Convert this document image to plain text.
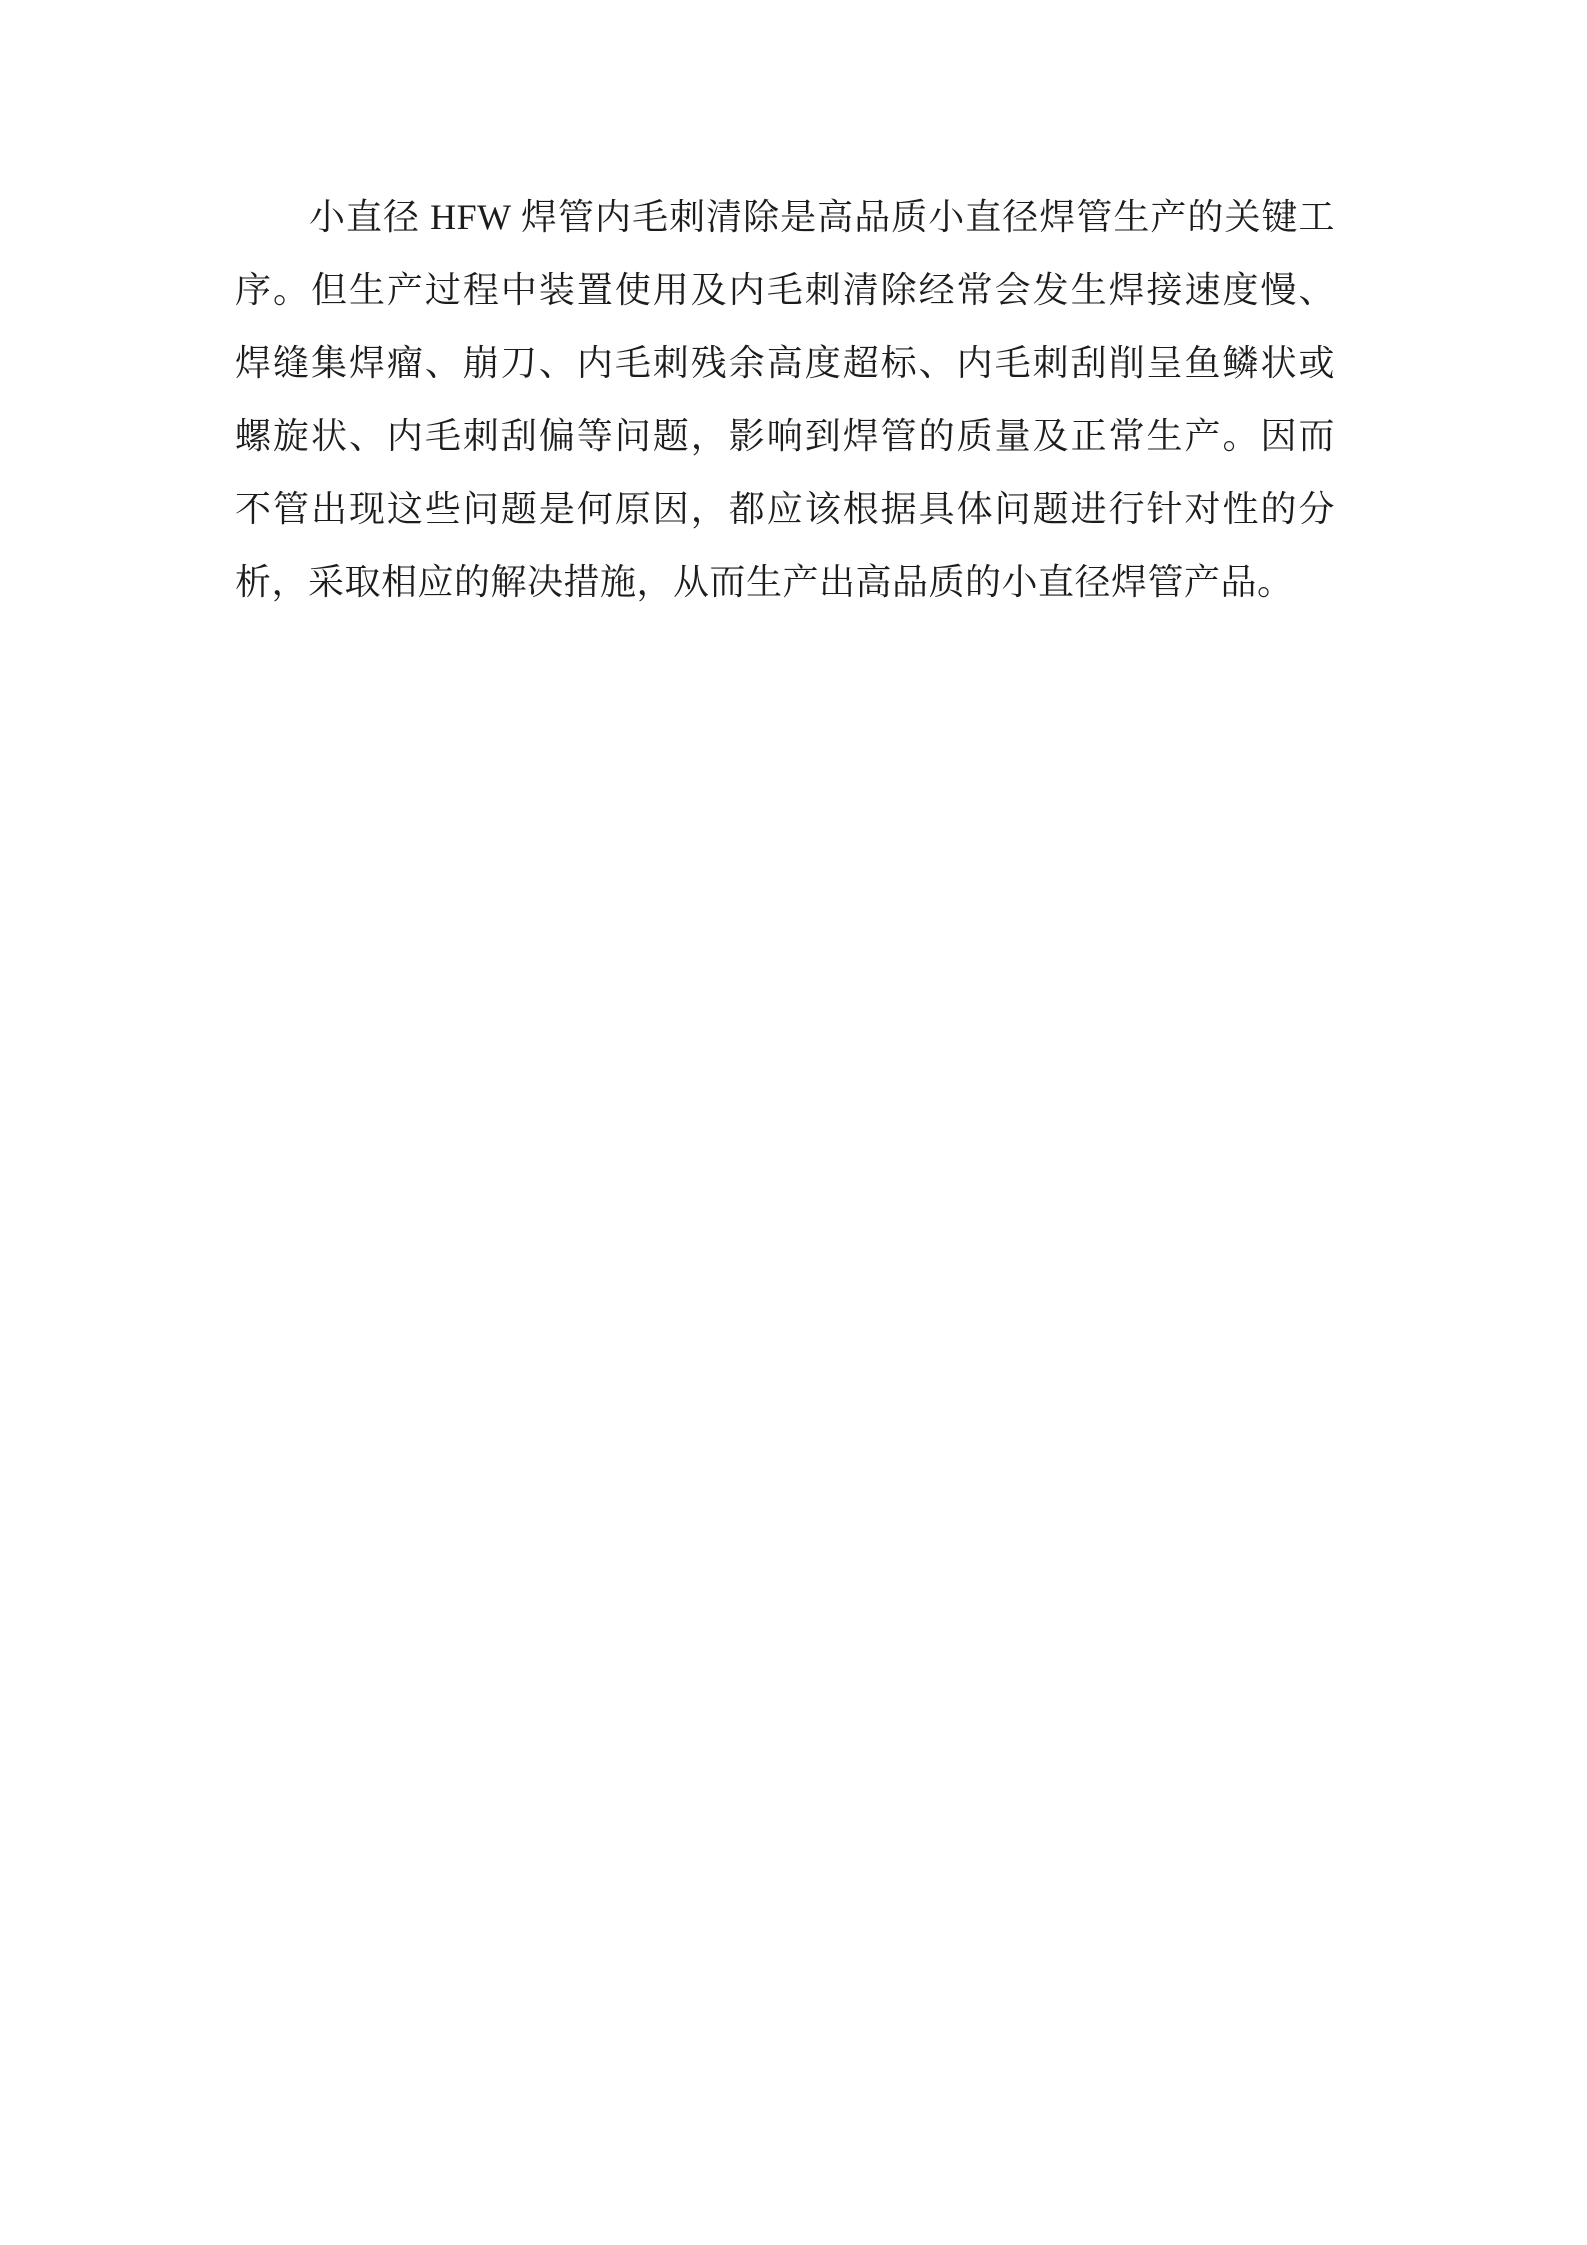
小直径 HFW 焊管内毛刺清除是高品质小直径焊管生产的关键工
序。但生产过程中装置使用及内毛刺清除经常会发生焊接速度慢、
焊缝集焊瘤、崩刀、内毛刺残余高度超标、内毛刺刮削呈鱼鳞状或
螺旋状、内毛刺刮偏等问题，影响到焊管的质量及正常生产。因而
不管出现这些问题是何原因，都应该根据具体问题进行针对性的分
析，采取相应的解决措施，从而生产出高品质的小直径焊管产品。
